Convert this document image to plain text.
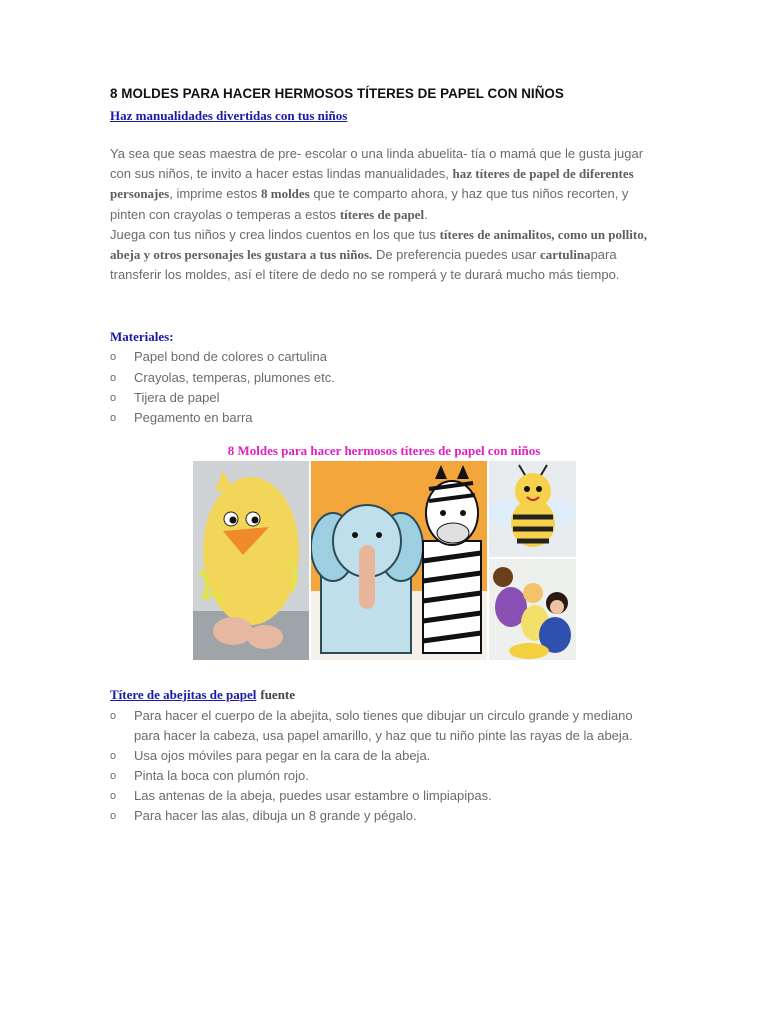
8 MOLDES PARA HACER HERMOSOS TÍTERES DE PAPEL CON NIÑOS
Haz manualidades divertidas con tus niños
Ya sea que seas maestra de pre- escolar o una linda abuelita- tía o mamá que le gusta jugar con sus niños, te invito a hacer estas lindas manualidades, haz títeres de papel de diferentes personajes, imprime estos 8 moldes que te comparto ahora, y haz que tus niños recorten, y pinten con crayolas o temperas a estos títeres de papel.
Juega con tus niños y crea lindos cuentos en los que tus títeres de animalitos, como un pollito, abeja y otros personajes les gustara a tus niños. De preferencia puedes usar cartulinapara transferir los moldes, así el títere de dedo no se romperá y te durará mucho más tiempo.
Materiales:
o Papel bond de colores o cartulina
o Crayolas, temperas, plumones etc.
o Tijera de papel
o Pegamento en barra
8 Moldes para hacer hermosos títeres de papel con niños
Títere de abejitas de papel fuente
o Para hacer el cuerpo de la abejita, solo tienes que dibujar un circulo grande y mediano para hacer la cabeza, usa papel amarillo, y haz que tu niño pinte las rayas de la abeja.
o Usa ojos móviles para pegar en la cara de la abeja.
o Pinta la boca con plumón rojo.
o Las antenas de la abeja, puedes usar estambre o limpiapipas.
o Para hacer las alas, dibuja un 8 grande y pégalo.
